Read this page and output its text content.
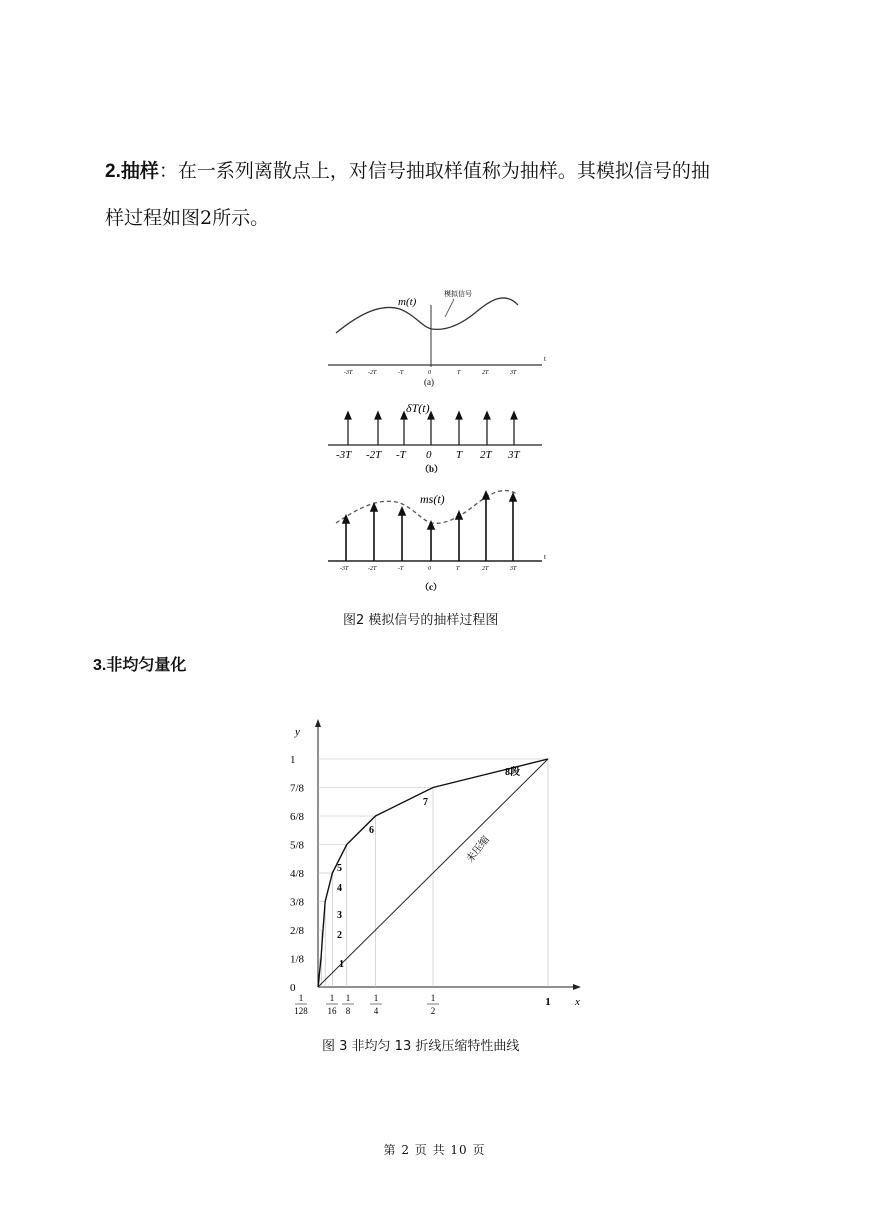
2.抽样：在一系列离散点上，对信号抽取样值称为抽样。其模拟信号的抽
样过程如图2所示。
m(t)
模拟信号
t
-3T	-2T	-T	0	T	2T	3T
(a)
δT(t)
-3T -2T -T 0 T 2T 3T
（b）
ms(t)
t
-3T	-2T	-T	0	T	2T	3T
（c）
图2 模拟信号的抽样过程图
3.非均匀量化
y
x
未压缩
0
1/8
2/8
3/8
4/8
5/8
6/8
7/8
1
1
128
1
16
1
8
1
4
1
2
1
1
2
3
4
5
6
7
8段
图 3 非均匀 13 折线压缩特性曲线
第 2 页 共 10 页
